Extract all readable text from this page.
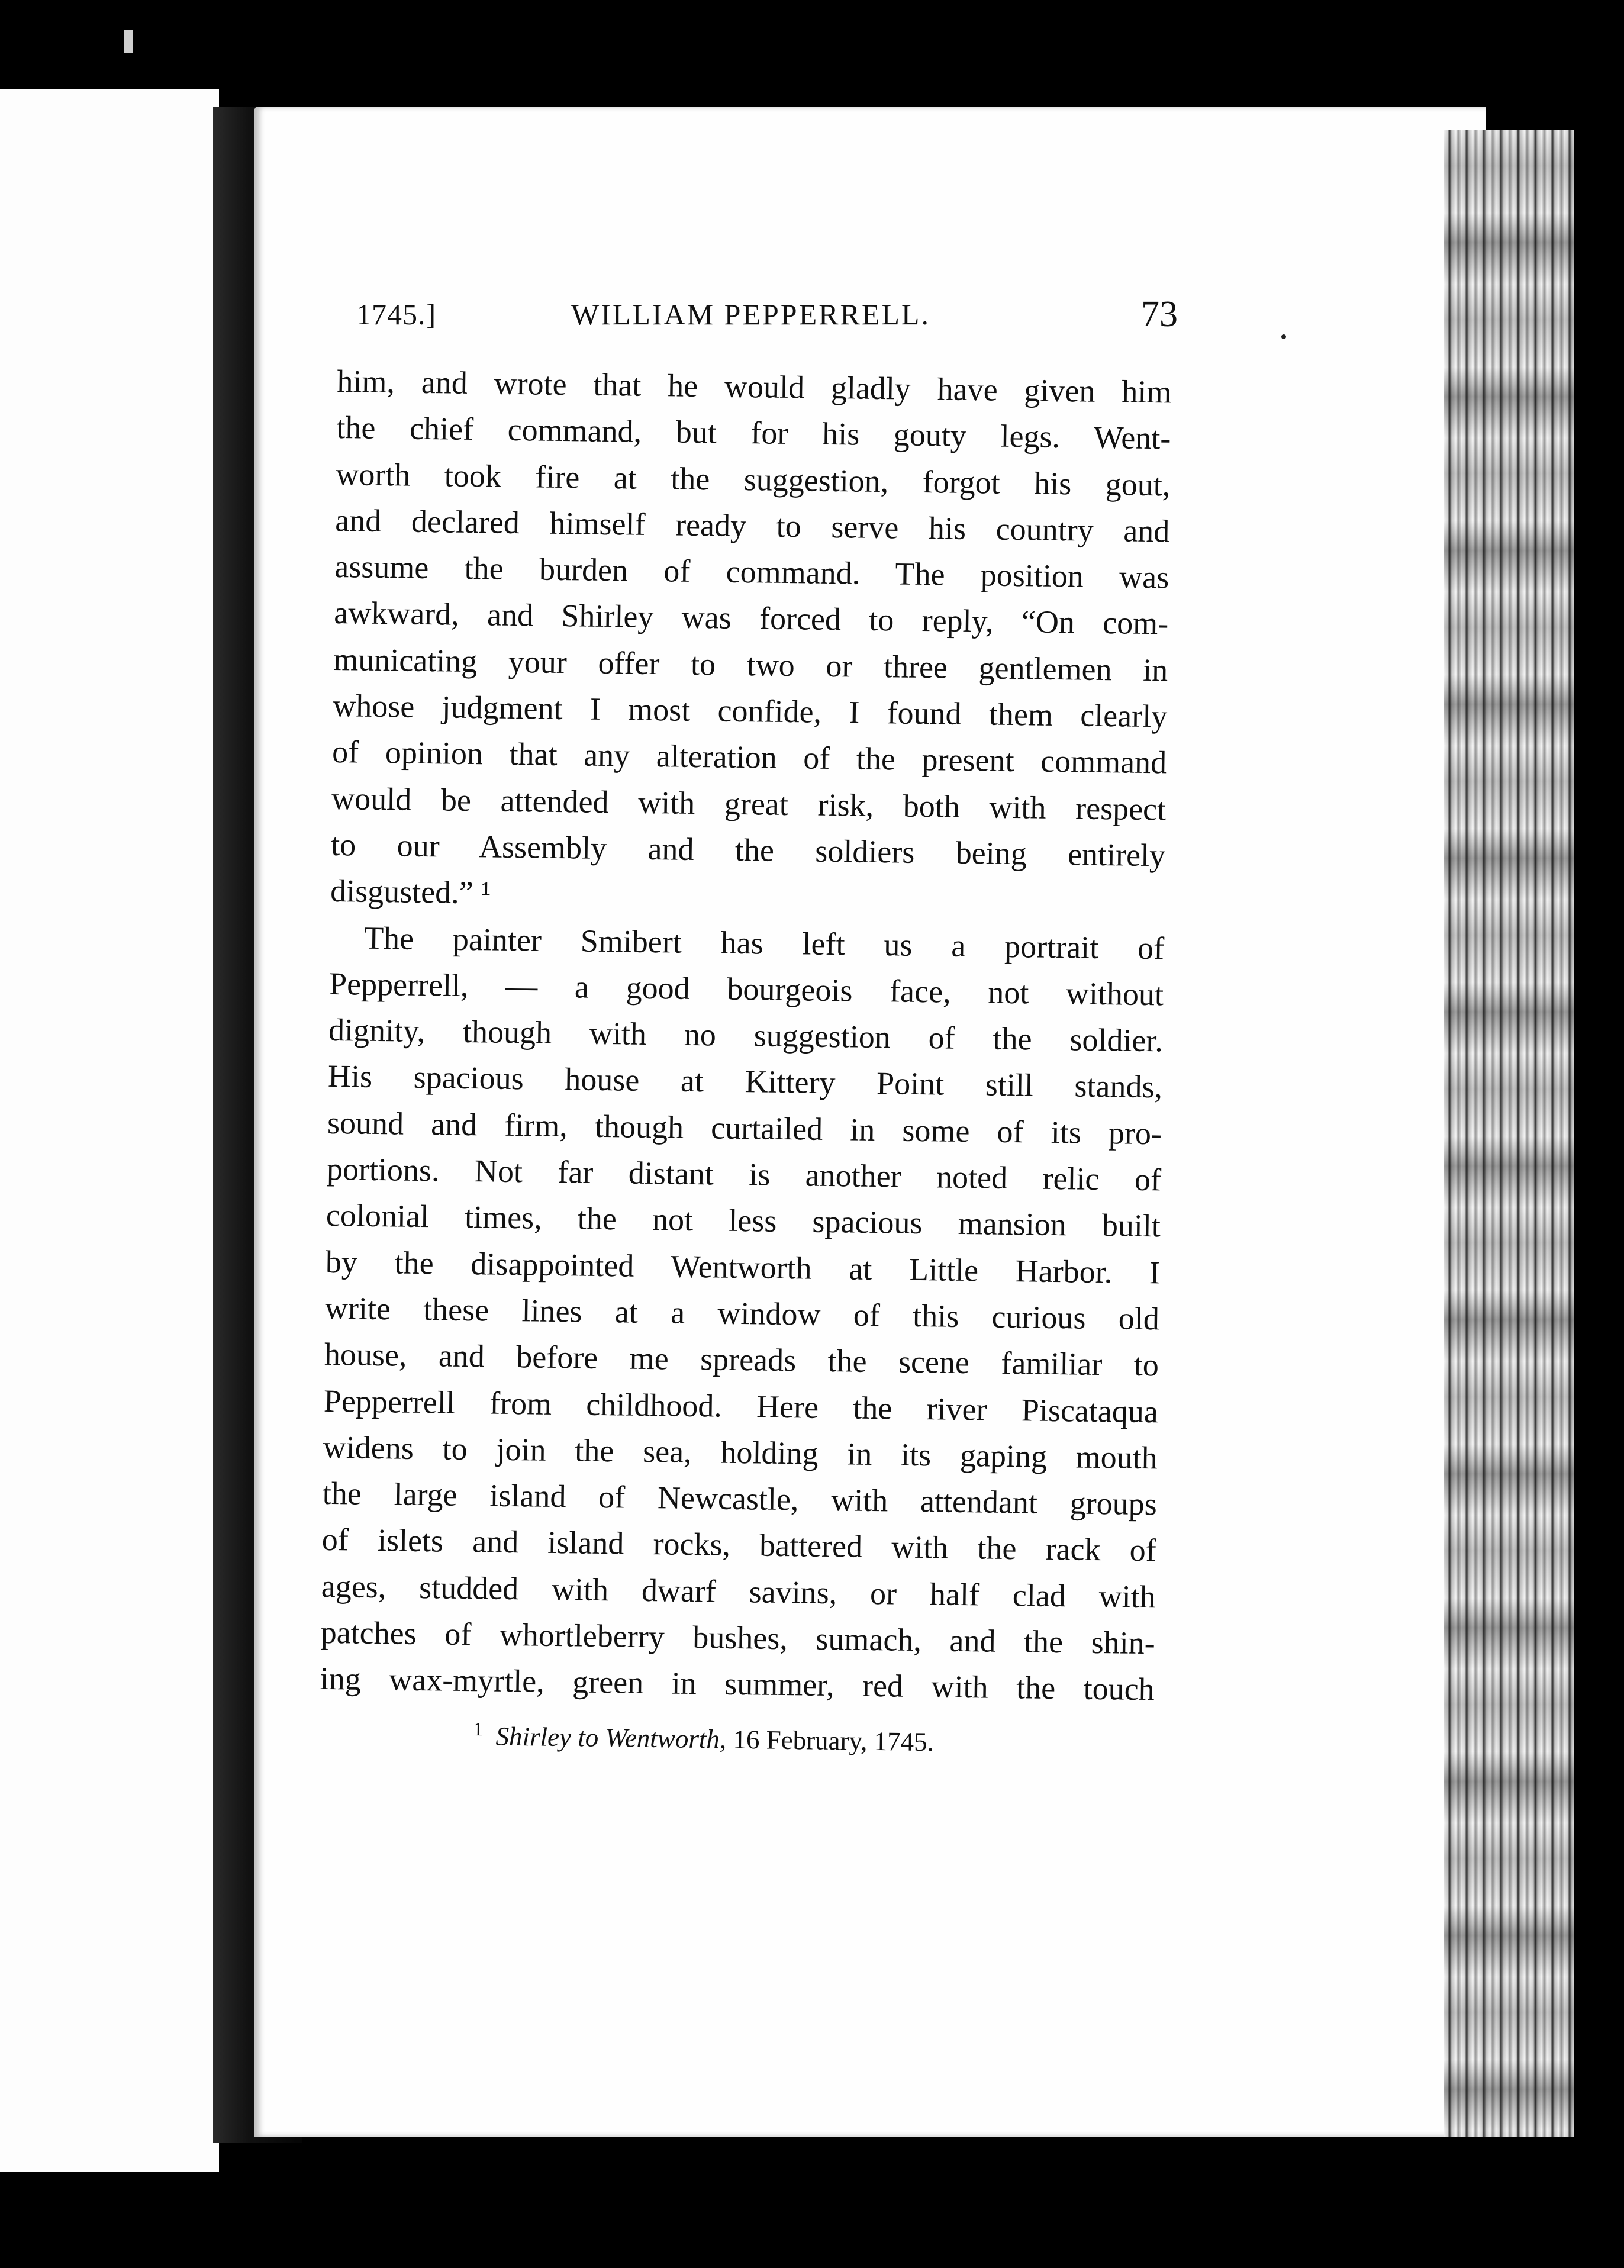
1745.]	WILLIAM PEPPERRELL.	73
him, and wrote that he would gladly have given him
the chief command, but for his gouty legs. Went-
worth took fire at the suggestion, forgot his gout,
and declared himself ready to serve his country and
assume the burden of command. The position was
awkward, and Shirley was forced to reply, “On com-
municating your offer to two or three gentlemen in
whose judgment I most confide, I found them clearly
of opinion that any alteration of the present command
would be attended with great risk, both with respect
to our Assembly and the soldiers being entirely
disgusted.” ¹
The painter Smibert has left us a portrait of
Pepperrell, — a good bourgeois face, not without
dignity, though with no suggestion of the soldier.
His spacious house at Kittery Point still stands,
sound and firm, though curtailed in some of its pro-
portions. Not far distant is another noted relic of
colonial times, the not less spacious mansion built
by the disappointed Wentworth at Little Harbor. I
write these lines at a window of this curious old
house, and before me spreads the scene familiar to
Pepperrell from childhood. Here the river Piscataqua
widens to join the sea, holding in its gaping mouth
the large island of Newcastle, with attendant groups
of islets and island rocks, battered with the rack of
ages, studded with dwarf savins, or half clad with
patches of whortleberry bushes, sumach, and the shin-
ing wax-myrtle, green in summer, red with the touch
$^1$ Shirley to Wentworth, 16 February, 1745.
